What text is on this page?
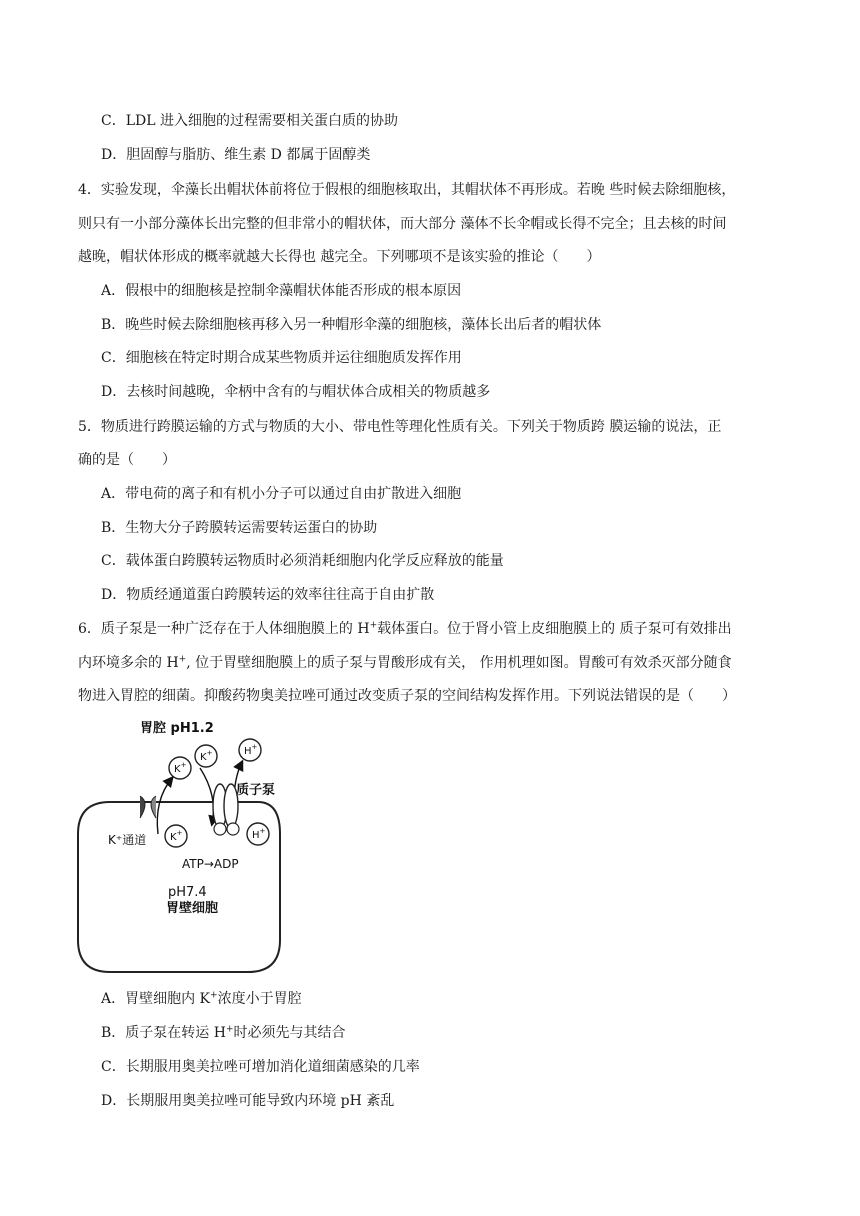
C．LDL 进入细胞的过程需要相关蛋白质的协助
D．胆固醇与脂肪、维生素 D 都属于固醇类
4．实验发现，伞藻长出帽状体前将位于假根的细胞核取出，其帽状体不再形成。若晚 些时候去除细胞核，
则只有一小部分藻体长出完整的但非常小的帽状体，而大部分 藻体不长伞帽或长得不完全；且去核的时间
越晚，帽状体形成的概率就越大长得也 越完全。下列哪项不是该实验的推论（　　）
A．假根中的细胞核是控制伞藻帽状体能否形成的根本原因
B．晚些时候去除细胞核再移入另一种帽形伞藻的细胞核，藻体长出后者的帽状体
C．细胞核在特定时期合成某些物质并运往细胞质发挥作用
D．去核时间越晚，伞柄中含有的与帽状体合成相关的物质越多
5．物质进行跨膜运输的方式与物质的大小、带电性等理化性质有关。下列关于物质跨 膜运输的说法，正
确的是（　　）
A．带电荷的离子和有机小分子可以通过自由扩散进入细胞
B．生物大分子跨膜转运需要转运蛋白的协助
C．载体蛋白跨膜转运物质时必须消耗细胞内化学反应释放的能量
D．物质经通道蛋白跨膜转运的效率往往高于自由扩散
6．质子泵是一种广泛存在于人体细胞膜上的 H+载体蛋白。位于肾小管上皮细胞膜上的 质子泵可有效排出
内环境多余的 H+, 位于胃壁细胞膜上的质子泵与胃酸形成有关， 作用机理如图。胃酸可有效杀灭部分随食
物进入胃腔的细菌。抑酸药物奥美拉唑可通过改变质子泵的空间结构发挥作用。下列说法错误的是（　　）
胃腔 pH1.2
K+
K+
K+
H+
H+
质子泵
K⁺通道
ATP→ADP
pH7.4
胃壁细胞
A．胃壁细胞内 K+浓度小于胃腔
B．质子泵在转运 H+时必须先与其结合
C．长期服用奥美拉唑可增加消化道细菌感染的几率
D．长期服用奥美拉唑可能导致内环境 pH 紊乱
